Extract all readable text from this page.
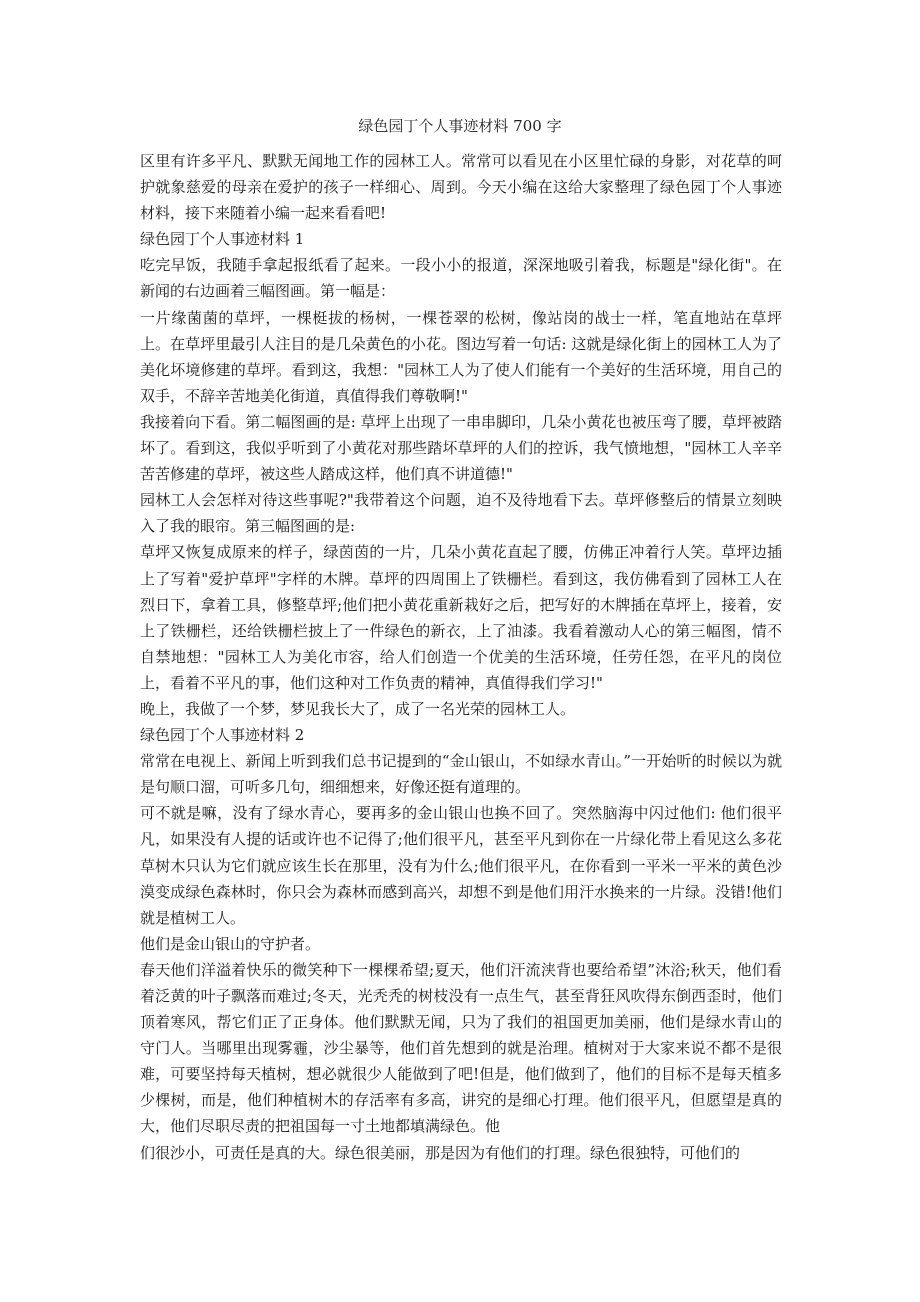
绿色园丁个人事迹材料 700 字

区里有许多平凡、默默无闻地工作的园林工人。常常可以看见在小区里忙碌的身影，对花草的呵护就象慈爱的母亲在爱护的孩子一样细心、周到。今天小编在这给大家整理了绿色园丁个人事迹材料，接下来随着小编一起来看看吧!

绿色园丁个人事迹材料 1

吃完早饭，我随手拿起报纸看了起来。一段小小的报道，深深地吸引着我，标题是"绿化街"。在新闻的右边画着三幅图画。第一幅是：

一片缘菌菌的草坪，一棵梃拔的杨树，一棵苍翠的松树，像站岗的战士一样，笔直地站在草坪上。在草坪里最引人注目的是几朵黄色的小花。图边写着一句话: 这就是绿化街上的园林工人为了美化坏境修建的草坪。看到这，我想："园林工人为了使人们能有一个美好的生活环境，用自己的双手，不辞辛苦地美化街道，真值得我们尊敬啊!"

我接着向下看。第二幅图画的是: 草坪上出现了一串串脚印，几朵小黄花也被压弯了腰，草坪被踏坏了。看到这，我似乎听到了小黄花对那些踏坏草坪的人们的控诉，我气愤地想，"园林工人辛辛苦苦修建的草坪，被这些人踏成这样，他们真不讲道德!"

园林工人会怎样对待这些事呢?"我带着这个问题，迫不及待地看下去。草坪修整后的情景立刻映入了我的眼帘。第三幅图画的是:

草坪又恢复成原来的样子，绿茵茵的一片，几朵小黄花直起了腰，仿佛正冲着行人笑。草坪边插上了写着"爱护草坪"字样的木牌。草坪的四周围上了铁栅栏。看到这，我仿佛看到了园林工人在烈日下，拿着工具，修整草坪;他们把小黄花重新栽好之后，把写好的木牌插在草坪上，接着，安上了铁栅栏，还给铁栅栏披上了一件绿色的新衣，上了油漆。我看着激动人心的第三幅图，情不自禁地想："园林工人为美化市容，给人们创造一个优美的生活环境，任劳任怨，在平凡的岗位上，看着不平凡的事，他们这种对工作负责的精神，真值得我们学习!"

晚上，我做了一个梦，梦见我长大了，成了一名光荣的园林工人。

绿色园丁个人事迹材料 2

常常在电视上、新闻上听到我们总书记提到的“金山银山，不如绿水青山。”一开始听的时候以为就是句顺口溜，可听多几句，细细想来，好像还挺有道理的。

可不就是嘛，没有了绿水青心，要再多的金山银山也换不回了。突然脑海中闪过他们: 他们很平凡，如果没有人提的话或许也不记得了;他们很平凡，甚至平凡到你在一片绿化带上看见这么多花草树木只认为它们就应该生长在那里，没有为什么;他们很平凡，在你看到一平米一平米的黄色沙漠变成绿色森林时，你只会为森林而感到高兴，却想不到是他们用汗水换来的一片绿。没错!他们就是植树工人。

他们是金山银山的守护者。

春天他们洋溢着快乐的微笑种下一棵棵希望;夏天，他们汗流浃背也要给希望”沐浴;秋天，他们看着泛黄的叶子飘落而难过;冬天，光秃秃的树枝没有一点生气，甚至背狂风吹得东倒西歪时，他们顶着寒风，帮它们正了正身体。他们默默无闻，只为了我们的祖国更加美丽，他们是绿水青山的守门人。当哪里出现雾霾，沙尘暴等，他们首先想到的就是治理。植树对于大家来说不都不是很难，可要坚持每天植树，想必就很少人能做到了吧!但是，他们做到了，他们的目标不是每天植多少棵树，而是，他们种植树木的存活率有多高，讲究的是细心打理。他们很平凡，但愿望是真的大，他们尽职尽责的把祖国每一寸土地都填满绿色。他

们很沙小，可责任是真的大。绿色很美丽，那是因为有他们的打理。绿色很独特，可他们的
